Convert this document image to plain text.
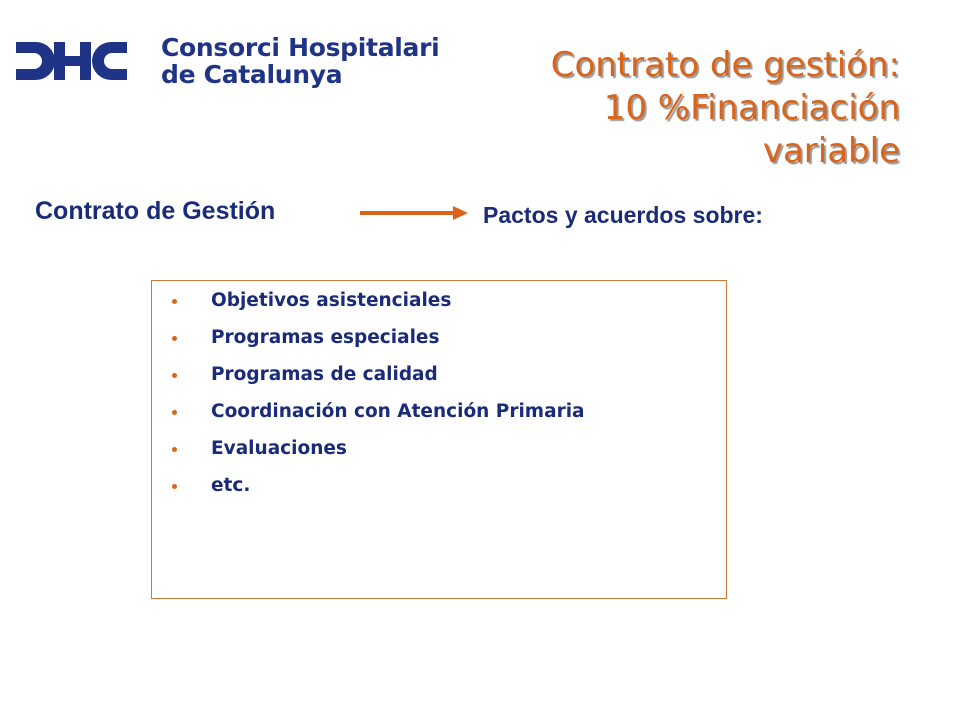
Consorci Hospitalari
de Catalunya	Contrato de gestión:
10 %Financiación
variable
Contrato de Gestión	Pactos y acuerdos sobre:
Objetivos asistenciales
Programas especiales
Programas de calidad
Coordinación con Atención Primaria
Evaluaciones
etc.
